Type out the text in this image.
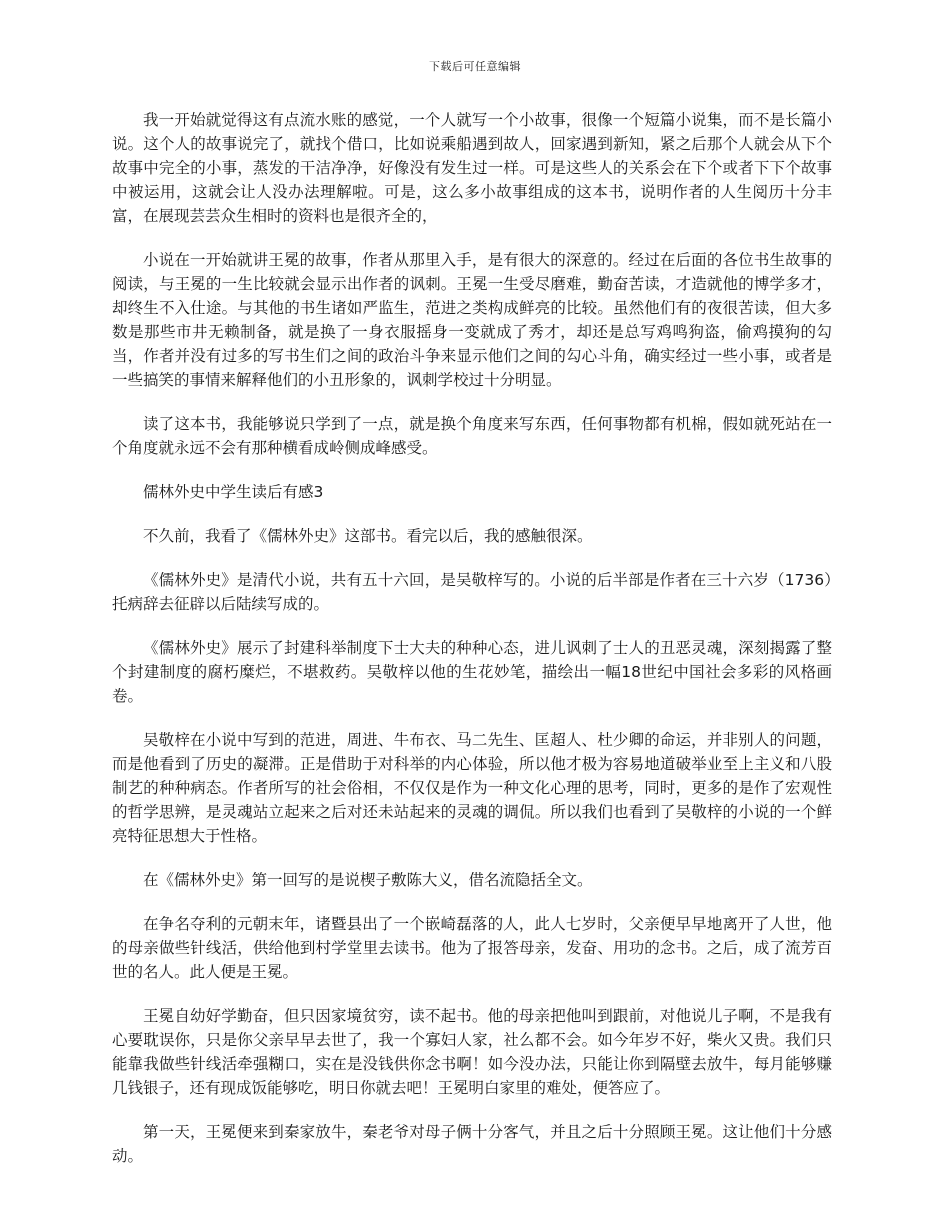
下载后可任意编辑

我一开始就觉得这有点流水账的感觉，一个人就写一个小故事，很像一个短篇小说集，而不是长篇小说。这个人的故事说完了，就找个借口，比如说乘船遇到故人，回家遇到新知，紧之后那个人就会从下个故事中完全的小事，蒸发的干洁净净，好像没有发生过一样。可是这些人的关系会在下个或者下下个故事中被运用，这就会让人没办法理解啦。可是，这么多小故事组成的这本书，说明作者的人生阅历十分丰富，在展现芸芸众生相时的资料也是很齐全的，

小说在一开始就讲王冕的故事，作者从那里入手，是有很大的深意的。经过在后面的各位书生故事的阅读，与王冕的一生比较就会显示出作者的讽刺。王冕一生受尽磨难，勤奋苦读，才造就他的博学多才，却终生不入仕途。与其他的书生诸如严监生，范进之类构成鲜亮的比较。虽然他们有的夜很苦读，但大多数是那些市井无赖制备，就是换了一身衣服摇身一变就成了秀才，却还是总写鸡鸣狗盗，偷鸡摸狗的勾当，作者并没有过多的写书生们之间的政治斗争来显示他们之间的勾心斗角，确实经过一些小事，或者是一些搞笑的事情来解释他们的小丑形象的，讽刺学校过十分明显。

读了这本书，我能够说只学到了一点，就是换个角度来写东西，任何事物都有机棉，假如就死站在一个角度就永远不会有那种横看成岭侧成峰感受。

儒林外史中学生读后有感3

不久前，我看了《儒林外史》这部书。看完以后，我的感触很深。

《儒林外史》是清代小说，共有五十六回，是吴敬梓写的。小说的后半部是作者在三十六岁（1736）托病辞去征辟以后陆续写成的。

《儒林外史》展示了封建科举制度下士大夫的种种心态，进儿讽刺了士人的丑恶灵魂，深刻揭露了整个封建制度的腐朽糜烂，不堪救药。吴敬梓以他的生花妙笔，描绘出一幅18世纪中国社会多彩的风格画卷。

吴敬梓在小说中写到的范进，周进、牛布衣、马二先生、匡超人、杜少卿的命运，并非别人的问题，而是他看到了历史的凝滞。正是借助于对科举的内心体验，所以他才极为容易地道破举业至上主义和八股制艺的种种病态。作者所写的社会俗相，不仅仅是作为一种文化心理的思考，同时，更多的是作了宏观性的哲学思辨，是灵魂站立起来之后对还未站起来的灵魂的调侃。所以我们也看到了吴敬梓的小说的一个鲜亮特征思想大于性格。

在《儒林外史》第一回写的是说楔子敷陈大义，借名流隐括全文。

在争名夺利的元朝末年，诸暨县出了一个嵌崎磊落的人，此人七岁时，父亲便早早地离开了人世，他的母亲做些针线活，供给他到村学堂里去读书。他为了报答母亲，发奋、用功的念书。之后，成了流芳百世的名人。此人便是王冕。

王冕自幼好学勤奋，但只因家境贫穷，读不起书。他的母亲把他叫到跟前，对他说儿子啊，不是我有心要耽误你，只是你父亲早早去世了，我一个寡妇人家，社么都不会。如今年岁不好，柴火又贵。我们只能靠我做些针线活牵强糊口，实在是没钱供你念书啊！如今没办法，只能让你到隔壁去放牛，每月能够赚几钱银子，还有现成饭能够吃，明日你就去吧！王冕明白家里的难处，便答应了。

第一天，王冕便来到秦家放牛，秦老爷对母子俩十分客气，并且之后十分照顾王冕。这让他们十分感动。
